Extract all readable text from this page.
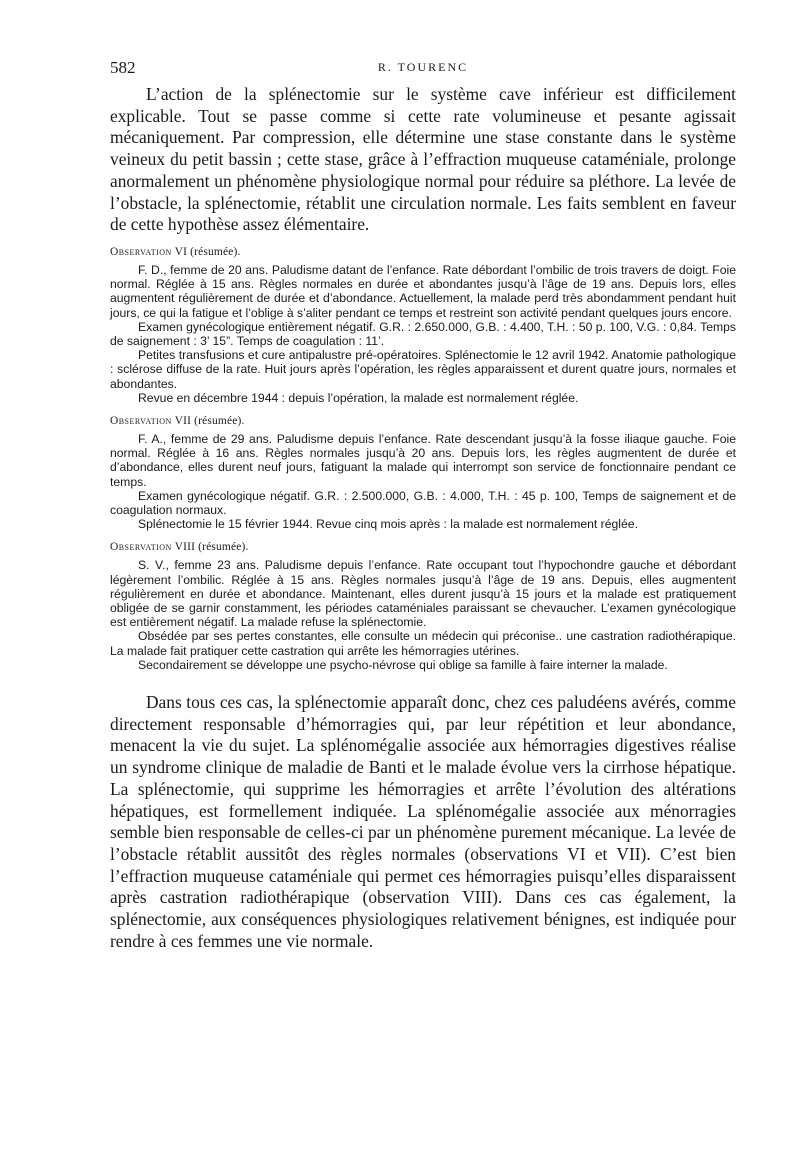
582	R. TOURENC

L’action de la splénectomie sur le système cave inférieur est difficilement explicable. Tout se passe comme si cette rate volumineuse et pesante agissait mécaniquement. Par compression, elle détermine une stase constante dans le système veineux du petit bassin ; cette stase, grâce à l’effraction muqueuse cataméniale, prolonge anormalement un phénomène physiologique normal pour réduire sa pléthore. La levée de l’obstacle, la splénectomie, rétablit une circulation normale. Les faits semblent en faveur de cette hypothèse assez élémentaire.

Observation VI (résumée).

F. D., femme de 20 ans. Paludisme datant de l’enfance. Rate débordant l’ombilic de trois travers de doigt. Foie normal. Réglée à 15 ans. Règles normales en durée et abondantes jusqu’à l’âge de 19 ans. Depuis lors, elles augmentent régulièrement de durée et d’abondance. Actuellement, la malade perd très abondamment pendant huit jours, ce qui la fatigue et l’oblige à s’aliter pendant ce temps et restreint son activité pendant quelques jours encore.

Examen gynécologique entièrement négatif. G.R. : 2.650.000, G.B. : 4.400, T.H. : 50 p. 100, V.G. : 0,84. Temps de saignement : 3’ 15”. Temps de coagulation : 11’.

Petites transfusions et cure antipalustre pré-opératoires. Splénectomie le 12 avril 1942. Anatomie pathologique : sclérose diffuse de la rate. Huit jours après l’opération, les règles apparaissent et durent quatre jours, normales et abondantes.

Revue en décembre 1944 : depuis l’opération, la malade est normalement réglée.

Observation VII (résumée).

F. A., femme de 29 ans. Paludisme depuis l’enfance. Rate descendant jusqu’à la fosse iliaque gauche. Foie normal. Réglée à 16 ans. Règles normales jusqu’à 20 ans. Depuis lors, les règles augmentent de durée et d’abondance, elles durent neuf jours, fatiguant la malade qui interrompt son service de fonctionnaire pendant ce temps.

Examen gynécologique négatif. G.R. : 2.500.000, G.B. : 4.000, T.H. : 45 p. 100, Temps de saignement et de coagulation normaux.

Splénectomie le 15 février 1944. Revue cinq mois après : la malade est normalement réglée.

Observation VIII (résumée).

S. V., femme 23 ans. Paludisme depuis l’enfance. Rate occupant tout l’hypochondre gauche et débordant légèrement l’ombilic. Réglée à 15 ans. Règles normales jusqu’à l’âge de 19 ans. Depuis, elles augmentent régulièrement en durée et abondance. Maintenant, elles durent jusqu’à 15 jours et la malade est pratiquement obligée de se garnir constamment, les périodes cataméniales paraissant se chevaucher. L’examen gynécologique est entièrement négatif. La malade refuse la splénectomie.

Obsédée par ses pertes constantes, elle consulte un médecin qui préconise.. une castration radiothérapique. La malade fait pratiquer cette castration qui arrête les hémorragies utérines.

Secondairement se développe une psycho-névrose qui oblige sa famille à faire interner la malade.

Dans tous ces cas, la splénectomie apparaît donc, chez ces paludéens avérés, comme directement responsable d’hémorragies qui, par leur répétition et leur abondance, menacent la vie du sujet. La splénomégalie associée aux hémorragies digestives réalise un syndrome clinique de maladie de Banti et le malade évolue vers la cirrhose hépatique. La splénectomie, qui supprime les hémorragies et arrête l’évolution des altérations hépatiques, est formellement indiquée. La splénomégalie associée aux ménorragies semble bien responsable de celles-ci par un phénomène purement mécanique. La levée de l’obstacle rétablit aussitôt des règles normales (observations VI et VII). C’est bien l’effraction muqueuse cataméniale qui permet ces hémorragies puisqu’elles disparaissent après castration radiothérapique (observation VIII). Dans ces cas également, la splénectomie, aux conséquences physiologiques relativement bénignes, est indiquée pour rendre à ces femmes une vie normale.
